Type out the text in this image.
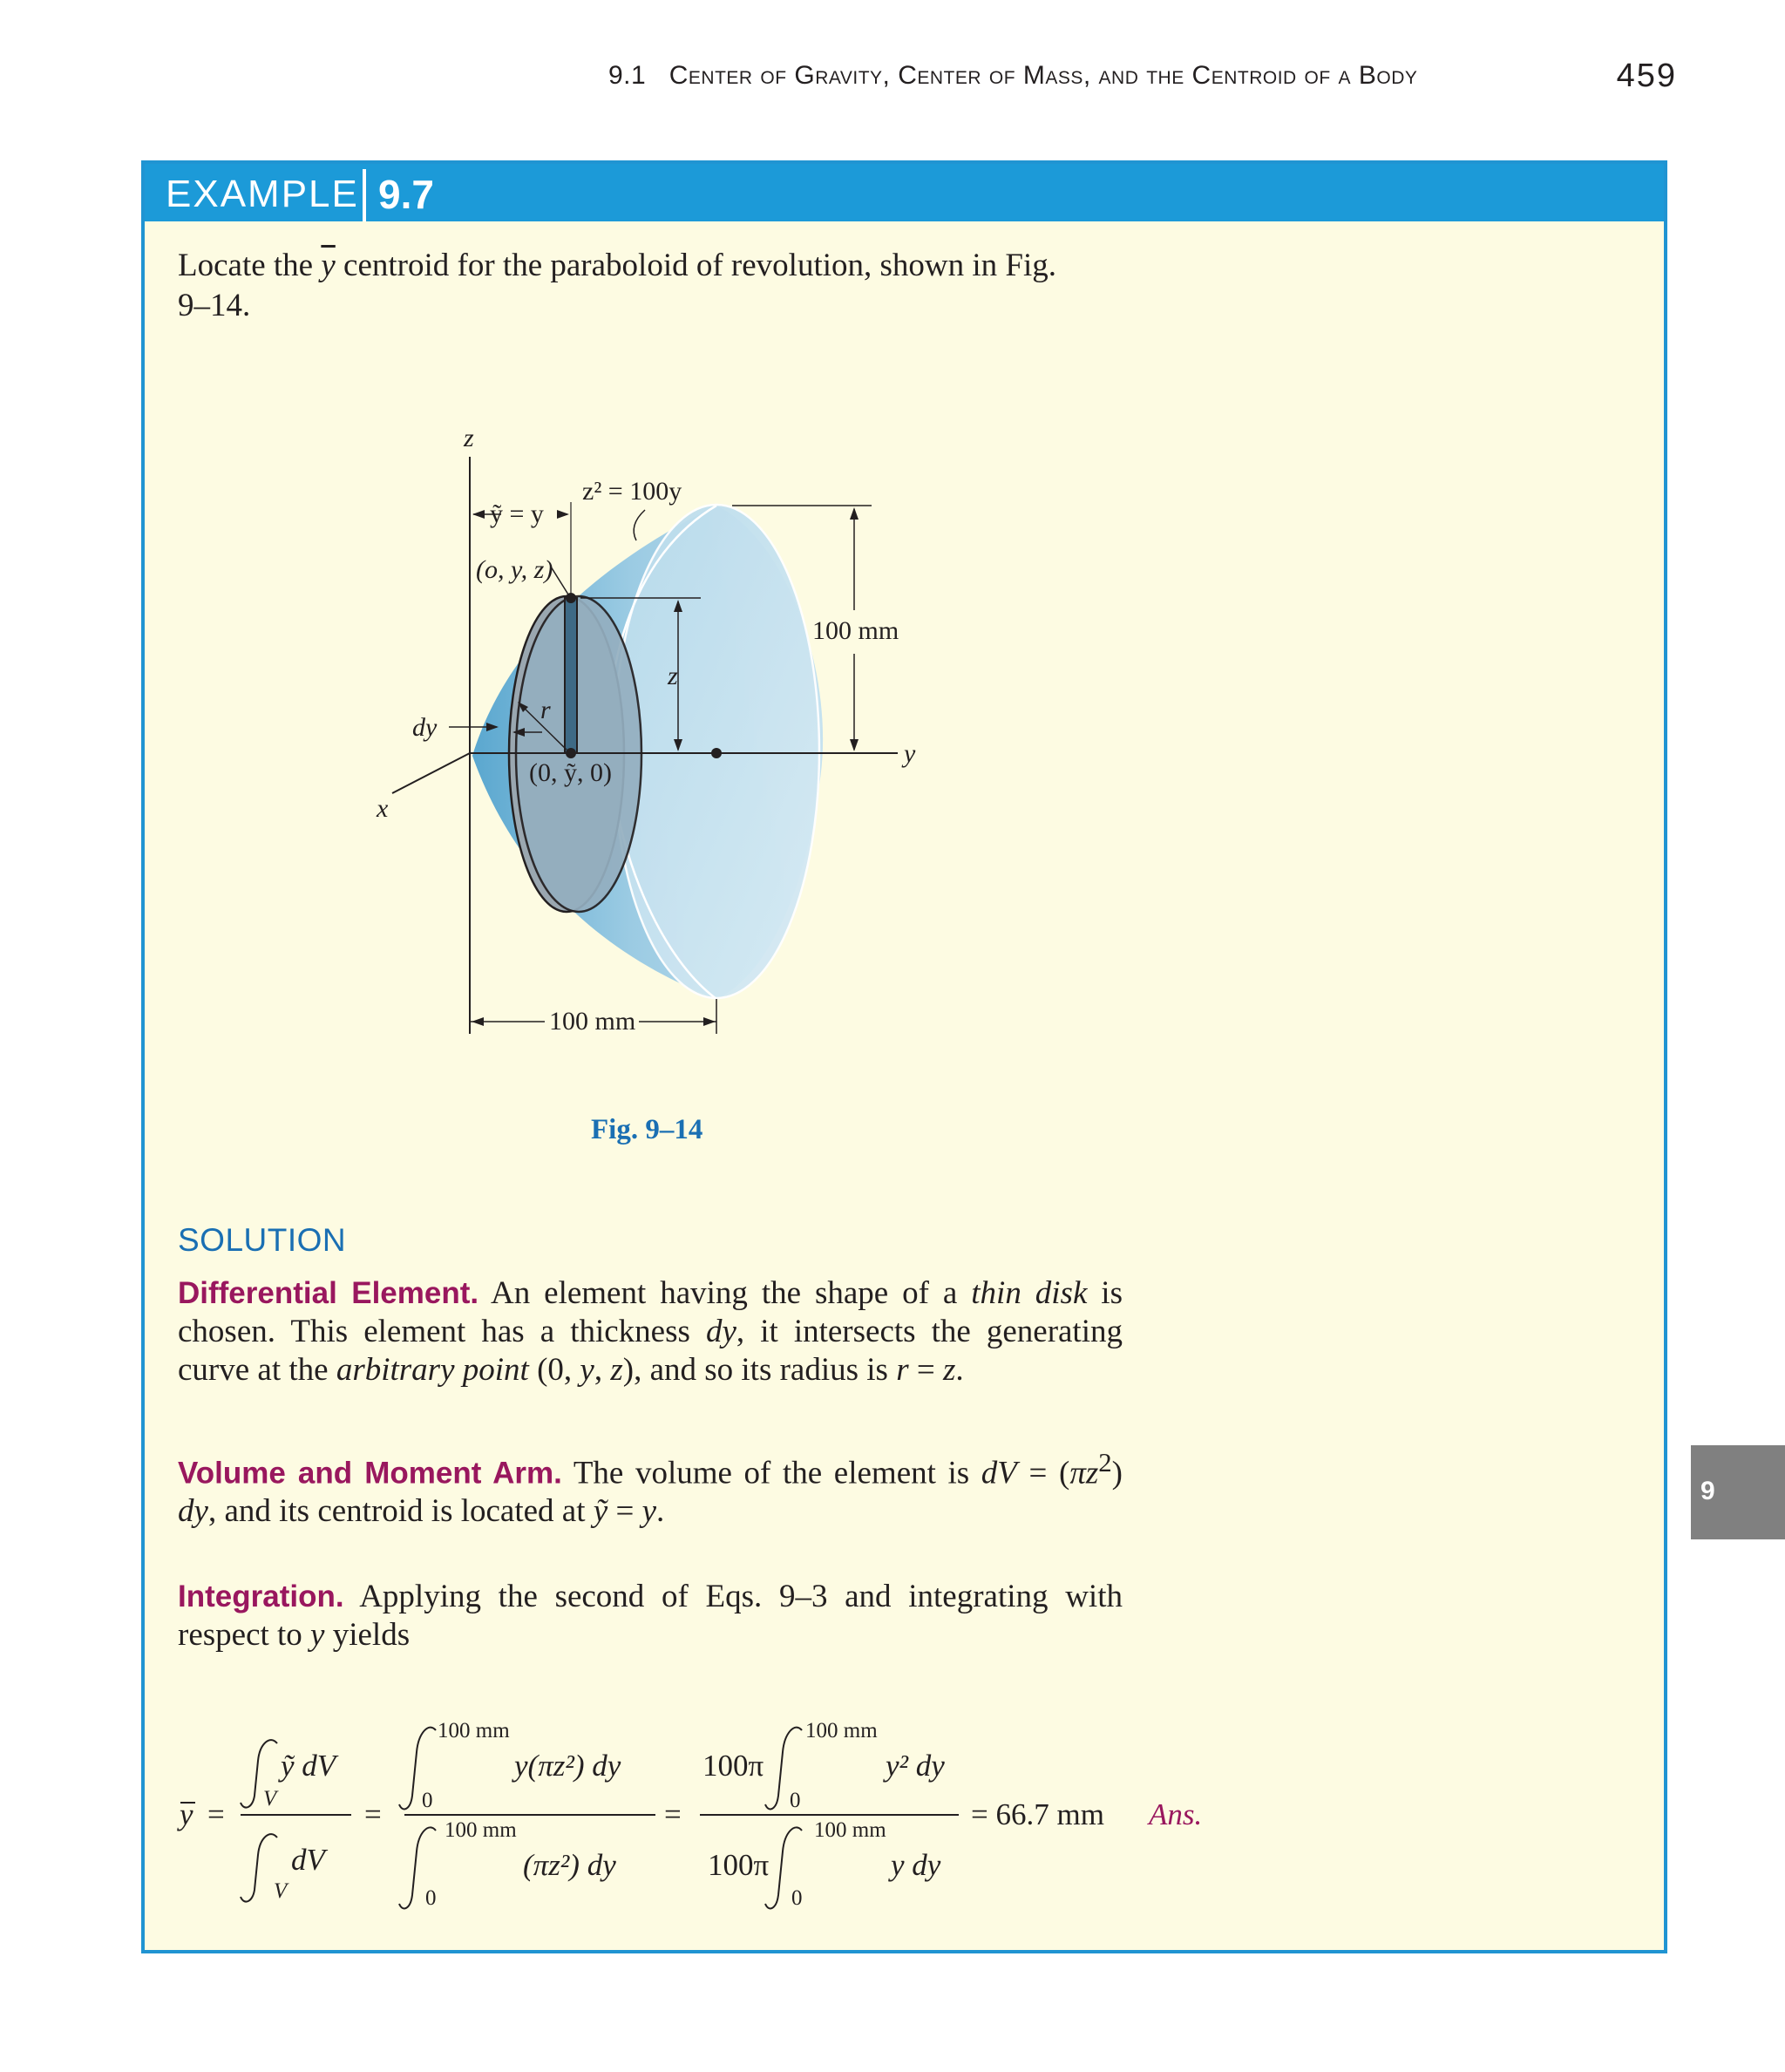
9.1 Center of Gravity, Center of Mass, and the Centroid of a Body	459
EXAMPLE 9.7
Locate the $\overline{y}$ centroid for the paraboloid of revolution, shown in Fig. 9–14.
z
z² = 100y
ỹ = y
(o, y, z)
100 mm
z
r
dy
y
x
(0, ỹ, 0)
100 mm
Fig. 9–14
SOLUTION
Differential Element. An element having the shape of a thin disk is chosen. This element has a thickness dy, it intersects the generating curve at the arbitrary point (0, y, z), and so its radius is r = z.
Volume and Moment Arm. The volume of the element is dV = $(\pi z^2)$ dy, and its centroid is located at ỹ = y.
Integration. Applying the second of Eqs. 9–3 and integrating with respect to y yields
y =	=	=
ỹ dV
V
dV
V
100 mm
0
y(πz²) dy
100 mm
0
(πz²) dy
100π
100 mm
0
y² dy
100π
100 mm
0
y dy
= 66.7 mm Ans.
9
